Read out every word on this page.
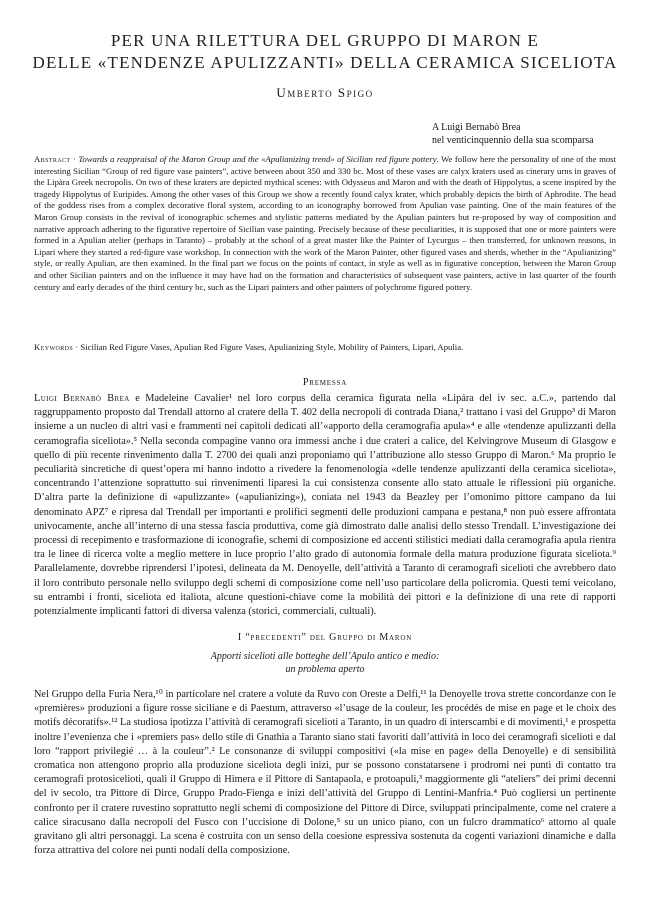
PER UNA RILETTURA DEL GRUPPO DI MARON E
DELLE «TENDENZE APULIZZANTI» DELLA CERAMICA SICELIOTA
Umberto Spigo
A Luigi Bernabò Brea
nel venticinquennio della sua scomparsa
Abstract · Towards a reappraisal of the Maron Group and the «Apulianizing trend» of Sicilian red figure pottery. We follow here the personality of one of the most interesting Sicilian “Group of red figure vase painters”, active between about 350 and 330 bc. Most of these vases are calyx kraters used as cinerary urns in graves of the Lipàra Greek necropolis. On two of these kraters are depicted mythical scenes: with Odysseus and Maron and with the death of Hippolytus, a scene inspired by the tragedy Hippolytus of Euripides. Among the other vases of this Group we show a recently found calyx krater, which probably depicts the birth of Aphrodite. The head of the goddess rises from a complex decorative floral system, according to an iconography borrowed from Apulian vase painting. One of the main features of the Maron Group consists in the revival of iconographic schemes and stylistic patterns mediated by the Apulian painters but re-proposed by way of composition and narrative approach adhering to the figurative repertoire of Sicilian vase painting. Precisely because of these peculiarities, it is supposed that one or more painters were formed in a Apulian atelier (perhaps in Taranto) – probably at the school of a great master like the Painter of Lycurgus – then transferred, for unknown reasons, in Lipari where they started a red-figure vase workshop. In connection with the work of the Maron Painter, other figured vases and sherds, whether in the “Apulianizing” style, or really Apulian, are then examined. In the final part we focus on the points of contact, in style as well as in figurative conception, between the Maron Group and other Sicilian painters and on the influence it may have had on the formation and characteristics of subsequent vase painters, active in last quarter of the fourth century and early decades of the third century bc, such as the Lipari painters and other painters of polychrome figured pottery.
Keywords · Sicilian Red Figure Vases, Apulian Red Figure Vases, Apulianizing Style, Mobility of Painters, Lipari, Apulia.
Premessa
Luigi Bernabò Brea e Madeleine Cavalier¹ nel loro corpus della ceramica figurata nella «Lipára del iv sec. a.C.», partendo dal raggruppamento proposto dal Trendall attorno al cratere della T. 402 della necropoli di contrada Diana,² trattano i vasi del Gruppo³ di Maron insieme a un nucleo di altri vasi e frammenti nei capitoli dedicati all’«apporto della ceramografia apula»⁴ e alle «tendenze apulizzanti della ceramografia siceliota».⁵ Nella seconda compagine vanno ora immessi anche i due crateri a calice, del Kelvingrove Museum di Glasgow e quello di più recente rinvenimento dalla T. 2700 dei quali anzi proponiamo qui l’attribuzione allo stesso Gruppo di Maron.⁶ Ma proprio le peculiarità sincretiche di quest’opera mi hanno indotto a rivedere la fenomenologia «delle tendenze apulizzanti della ceramica siceliota», concentrando l’attenzione soprattutto sui rinvenimenti liparesi la cui consistenza consente allo stato attuale le riflessioni più organiche. D’altra parte la definizione di «apulizzante» («apulianizing»), coniata nel 1943 da Beazley per l’omonimo pittore campano da lui denominato APZ⁷ e ripresa dal Trendall per importanti e prolifici segmenti delle produzioni campana e pestana,⁸ non può essere affrontata univocamente, anche all’interno di una stessa fascia produttiva, come già dimostrato dalle analisi dello stesso Trendall. L’investigazione dei processi di recepimento e trasformazione di iconografie, schemi di composizione ed accenti stilistici mediati dalla ceramografia apula rientra tra le linee di ricerca volte a meglio mettere in luce proprio l’alto grado di autonomia formale della matura produzione figurata siceliota.⁹ Parallelamente, dovrebbe riprendersi l’ipotesi, delineata da M. Denoyelle, dell’attività a Taranto di ceramografi sicelioti che avrebbero dato il loro contributo personale nello sviluppo degli schemi di composizione come nell’uso particolare della policromia. Questi temi veicolano, su entrambi i fronti, siceliota ed italiota, alcune questioni-chiave come la mobilità dei pittori e la definizione di una rete di rapporti potenzialmente implicanti fattori di diversa valenza (storici, commerciali, cultuali).
I “precedenti” del Gruppo di Maron
Apporti sicelioti alle botteghe dell’Apulo antico e medio:
un problema aperto
Nel Gruppo della Furia Nera,¹⁰ in particolare nel cratere a volute da Ruvo con Oreste a Delfi,¹¹ la Denoyelle trova strette concordanze con le «premières» produzioni a figure rosse siciliane e di Paestum, attraverso «l’usage de la couleur, les procédés de mise en page et le choix des motifs décoratifs».¹² La studiosa ipotizza l’attività di ceramografi sicelioti a Taranto, in un quadro di interscambi e di movimenti,¹ e prospetta inoltre l’evenienza che i «premiers pas» dello stile di Gnathia a Taranto siano stati favoriti dall’attività in loco dei ceramografi sicelioti e dal loro “rapport privilegié … à la couleur”.² Le consonanze di sviluppi compositivi («la mise en page» della Denoyelle) e di sensibilità cromatica non attengono proprio alla produzione siceliota degli inizi, pur se possono constatarsene i prodromi nei punti di contatto tra ceramografi protosicelioti, quali il Gruppo di Himera e il Pittore di Santapaola, e protoapuli,³ maggiormente gli “ateliers” dei primi decenni del iv secolo, tra Pittore di Dirce, Gruppo Prado-Fienga e inizi dell’attività del Gruppo di Lentini-Manfria.⁴ Può cogliersi un pertinente confronto per il cratere ruvestino soprattutto negli schemi di composizione del Pittore di Dirce, sviluppati principalmente, come nel cratere a calice siracusano dalla necropoli del Fusco con l’uccisione di Dolone,⁵ su un unico piano, con un fulcro drammatico⁶ attorno al quale gravitano gli altri personaggi. La scena è costruita con un senso della coesione espressiva sostenuta da cogenti variazioni dinamiche e dalla forza attrattiva del colore nei punti nodali della composizione.
